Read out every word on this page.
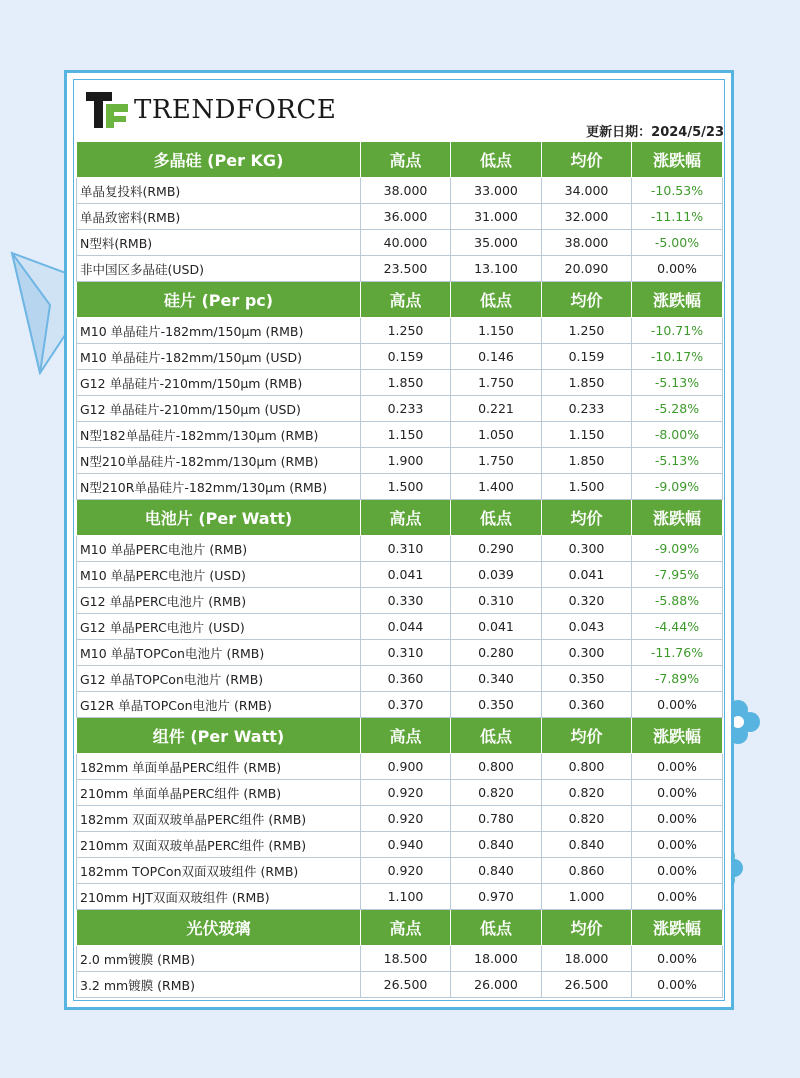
TRENDFORCE
更新日期：2024/5/23
多晶硅 (Per KG)	高点	低点	均价	涨跌幅
单晶复投料(RMB)	38.000	33.000	34.000	-10.53%
单晶致密料(RMB)	36.000	31.000	32.000	-11.11%
N型料(RMB)	40.000	35.000	38.000	-5.00%
非中国区多晶硅(USD)	23.500	13.100	20.090	0.00%
硅片 (Per pc)	高点	低点	均价	涨跌幅
M10 单晶硅片-182mm/150μm (RMB)	1.250	1.150	1.250	-10.71%
M10 单晶硅片-182mm/150μm (USD)	0.159	0.146	0.159	-10.17%
G12 单晶硅片-210mm/150μm (RMB)	1.850	1.750	1.850	-5.13%
G12 单晶硅片-210mm/150μm (USD)	0.233	0.221	0.233	-5.28%
N型182单晶硅片-182mm/130μm (RMB)	1.150	1.050	1.150	-8.00%
N型210单晶硅片-182mm/130μm (RMB)	1.900	1.750	1.850	-5.13%
N型210R单晶硅片-182mm/130μm (RMB)	1.500	1.400	1.500	-9.09%
电池片 (Per Watt)	高点	低点	均价	涨跌幅
M10 单晶PERC电池片 (RMB)	0.310	0.290	0.300	-9.09%
M10 单晶PERC电池片 (USD)	0.041	0.039	0.041	-7.95%
G12 单晶PERC电池片 (RMB)	0.330	0.310	0.320	-5.88%
G12 单晶PERC电池片 (USD)	0.044	0.041	0.043	-4.44%
M10 单晶TOPCon电池片 (RMB)	0.310	0.280	0.300	-11.76%
G12 单晶TOPCon电池片 (RMB)	0.360	0.340	0.350	-7.89%
G12R 单晶TOPCon电池片 (RMB)	0.370	0.350	0.360	0.00%
组件 (Per Watt)	高点	低点	均价	涨跌幅
182mm 单面单晶PERC组件 (RMB)	0.900	0.800	0.800	0.00%
210mm 单面单晶PERC组件 (RMB)	0.920	0.820	0.820	0.00%
182mm 双面双玻单晶PERC组件 (RMB)	0.920	0.780	0.820	0.00%
210mm 双面双玻单晶PERC组件 (RMB)	0.940	0.840	0.840	0.00%
182mm TOPCon双面双玻组件 (RMB)	0.920	0.840	0.860	0.00%
210mm HJT双面双玻组件 (RMB)	1.100	0.970	1.000	0.00%
光伏玻璃	高点	低点	均价	涨跌幅
2.0 mm镀膜 (RMB)	18.500	18.000	18.000	0.00%
3.2 mm镀膜 (RMB)	26.500	26.000	26.500	0.00%
